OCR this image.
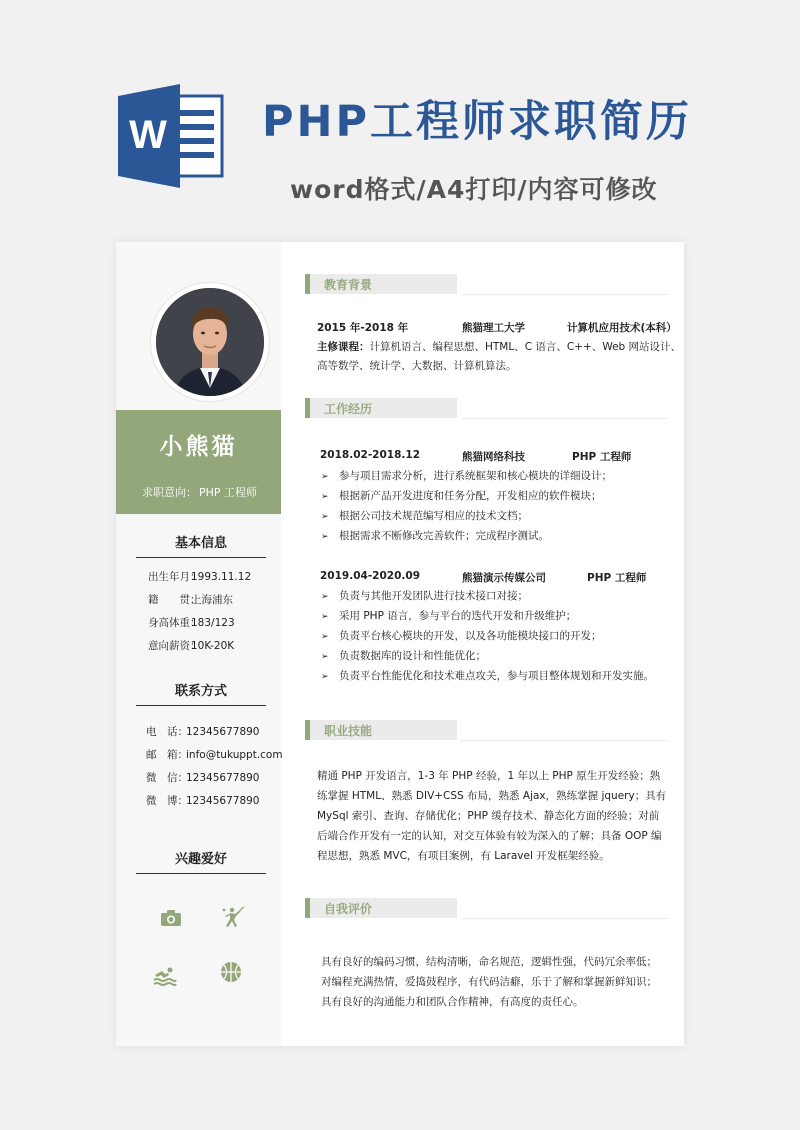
W PHP工程师求职简历
word格式/A4打印/内容可修改
小熊猫
求职意向： PHP 工程师
基本信息
出生年月：1993.11.12
籍　　贯：上海浦东
身高体重：183/123
意向薪资：10K-20K
联系方式
电　话：12345677890
邮　箱：info@tukuppt.com
微　信：12345677890
微　博：12345677890
兴趣爱好
教育背景
2015 年-2018 年	熊猫理工大学	计算机应用技术(本科）
主修课程：计算机语言、编程思想、HTML、C 语言、C++、Web 网站设计、
高等数学、统计学、大数据、计算机算法。
工作经历
2018.02-2018.12	熊猫网络科技	PHP 工程师
➢ 参与项目需求分析，进行系统框架和核心模块的详细设计；
➢ 根据新产品开发进度和任务分配，开发相应的软件模块；
➢ 根据公司技术规范编写相应的技术文档；
➢ 根据需求不断修改完善软件；完成程序测试。
2019.04-2020.09	熊猫演示传媒公司	PHP 工程师
➢ 负责与其他开发团队进行技术接口对接；
➢ 采用 PHP 语言，参与平台的迭代开发和升级维护；
➢ 负责平台核心模块的开发，以及各功能模块接口的开发；
➢ 负责数据库的设计和性能优化；
➢ 负责平台性能优化和技术难点攻关，参与项目整体规划和开发实施。
职业技能
精通 PHP 开发语言，1-3 年 PHP 经验，1 年以上 PHP 原生开发经验；熟
练掌握 HTML、熟悉 DIV+CSS 布局，熟悉 Ajax，熟练掌握 jquery；具有
MySql 索引、查询、存储优化；PHP 缓存技术、静态化方面的经验；对前
后端合作开发有一定的认知，对交互体验有较为深入的了解；具备 OOP 编
程思想，熟悉 MVC，有项目案例，有 Laravel 开发框架经验。
自我评价
具有良好的编码习惯，结构清晰，命名规范，逻辑性强，代码冗余率低；
对编程充满热情，爱捣鼓程序，有代码洁癖，乐于了解和掌握新鲜知识；
具有良好的沟通能力和团队合作精神，有高度的责任心。
